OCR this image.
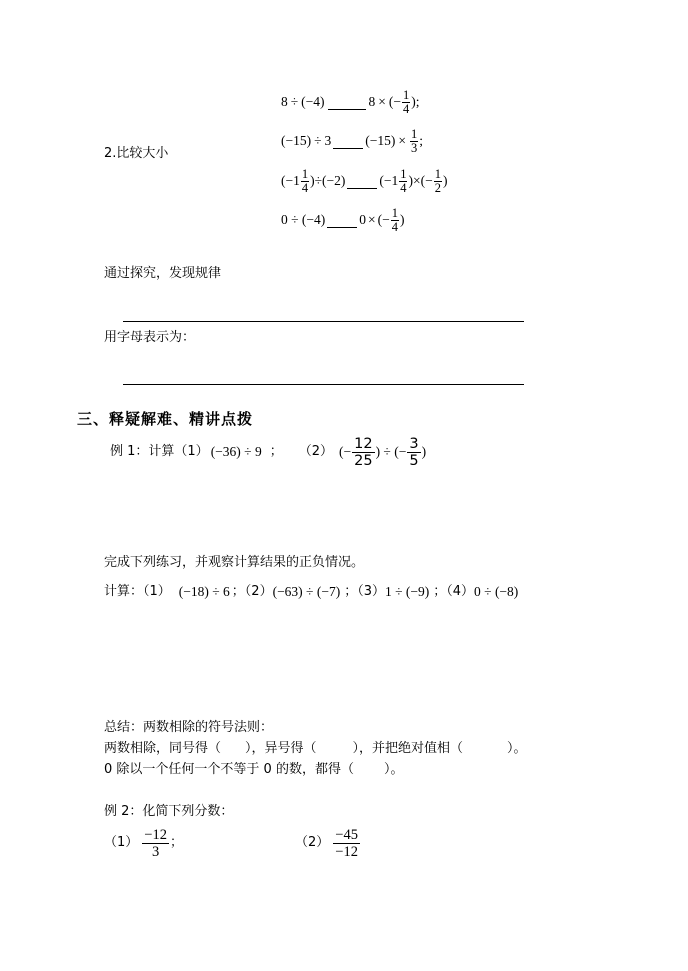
2.比较大小
8 ÷ (−4)	8 × (− $\frac{1}{4}$ );
(−15) ÷ 3	$(-15) \times \frac{1}{3}$ ;
$(-1 \frac{1}{4} )\div(-2)$	($-1 \frac{1}{4}$ )×(− $\frac{1}{2}$ )
0 ÷ (−4)	0 × (− $\frac{1}{4}$ )
通过探究，发现规律
用字母表示为：
三、释疑解难、精讲点拨
例 1：计算（1） (−36) ÷ 9 ； （2） (− $\frac{12}{25}$ ) ÷ (− $\frac{3}{5}$ )
完成下列练习，并观察计算结果的正负情况。
计算：（1） (−18) ÷ 6 ；（2） (−63) ÷ (−7) ；（3） 1 ÷ (−9) ；（4） 0 ÷ (−8)
总结：两数相除的符号法则：
两数相除，同号得（ ），异号得（	），并把绝对值相（	）。
0 除以一个任何一个不等于 0 的数，都得（ ）。
例 2：化简下列分数：
$(1) \frac{-12}{3}$ ；	$(2) \frac{-45}{-12}$
